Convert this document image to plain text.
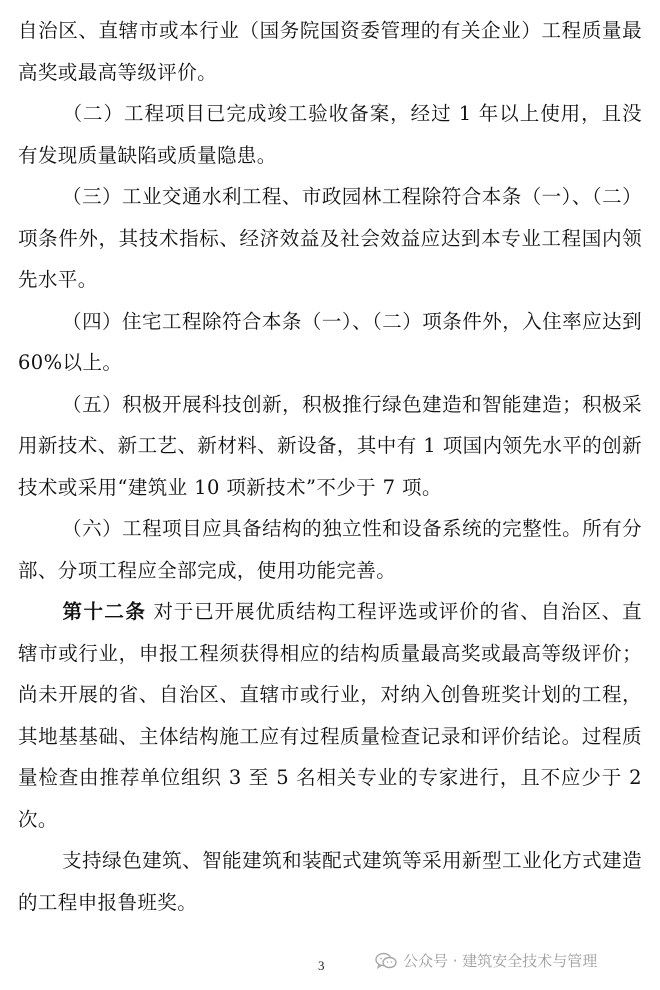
自治区、直辖市或本行业（国务院国资委管理的有关企业）工程质量最高奖或最高等级评价。

（二）工程项目已完成竣工验收备案，经过 1 年以上使用，且没有发现质量缺陷或质量隐患。

（三）工业交通水利工程、市政园林工程除符合本条（一）、（二）项条件外，其技术指标、经济效益及社会效益应达到本专业工程国内领先水平。

（四）住宅工程除符合本条（一）、（二）项条件外，入住率应达到60%以上。

（五）积极开展科技创新，积极推行绿色建造和智能建造；积极采用新技术、新工艺、新材料、新设备，其中有 1 项国内领先水平的创新技术或采用“建筑业 10 项新技术”不少于 7 项。

（六）工程项目应具备结构的独立性和设备系统的完整性。所有分部、分项工程应全部完成，使用功能完善。

第十二条 对于已开展优质结构工程评选或评价的省、自治区、直辖市或行业，申报工程须获得相应的结构质量最高奖或最高等级评价；尚未开展的省、自治区、直辖市或行业，对纳入创鲁班奖计划的工程，其地基基础、主体结构施工应有过程质量检查记录和评价结论。过程质量检查由推荐单位组织 3 至 5 名相关专业的专家进行，且不应少于 2 次。

支持绿色建筑、智能建筑和装配式建筑等采用新型工业化方式建造的工程申报鲁班奖。

3	公众号 · 建筑安全技术与管理
